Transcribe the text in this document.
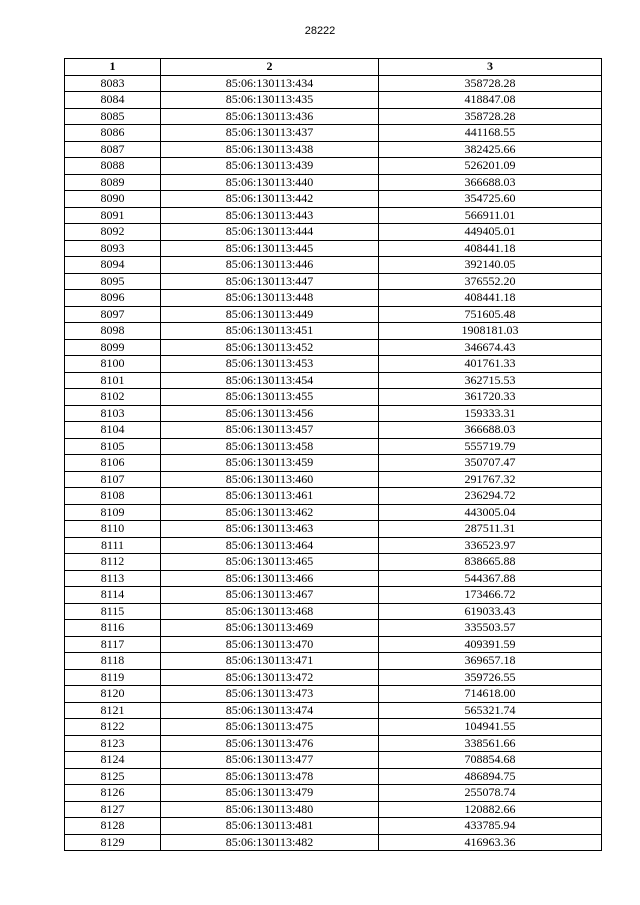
28222
1	2	3
8083	85:06:130113:434	358728.28
8084	85:06:130113:435	418847.08
8085	85:06:130113:436	358728.28
8086	85:06:130113:437	441168.55
8087	85:06:130113:438	382425.66
8088	85:06:130113:439	526201.09
8089	85:06:130113:440	366688.03
8090	85:06:130113:442	354725.60
8091	85:06:130113:443	566911.01
8092	85:06:130113:444	449405.01
8093	85:06:130113:445	408441.18
8094	85:06:130113:446	392140.05
8095	85:06:130113:447	376552.20
8096	85:06:130113:448	408441.18
8097	85:06:130113:449	751605.48
8098	85:06:130113:451	1908181.03
8099	85:06:130113:452	346674.43
8100	85:06:130113:453	401761.33
8101	85:06:130113:454	362715.53
8102	85:06:130113:455	361720.33
8103	85:06:130113:456	159333.31
8104	85:06:130113:457	366688.03
8105	85:06:130113:458	555719.79
8106	85:06:130113:459	350707.47
8107	85:06:130113:460	291767.32
8108	85:06:130113:461	236294.72
8109	85:06:130113:462	443005.04
8110	85:06:130113:463	287511.31
8111	85:06:130113:464	336523.97
8112	85:06:130113:465	838665.88
8113	85:06:130113:466	544367.88
8114	85:06:130113:467	173466.72
8115	85:06:130113:468	619033.43
8116	85:06:130113:469	335503.57
8117	85:06:130113:470	409391.59
8118	85:06:130113:471	369657.18
8119	85:06:130113:472	359726.55
8120	85:06:130113:473	714618.00
8121	85:06:130113:474	565321.74
8122	85:06:130113:475	104941.55
8123	85:06:130113:476	338561.66
8124	85:06:130113:477	708854.68
8125	85:06:130113:478	486894.75
8126	85:06:130113:479	255078.74
8127	85:06:130113:480	120882.66
8128	85:06:130113:481	433785.94
8129	85:06:130113:482	416963.36
